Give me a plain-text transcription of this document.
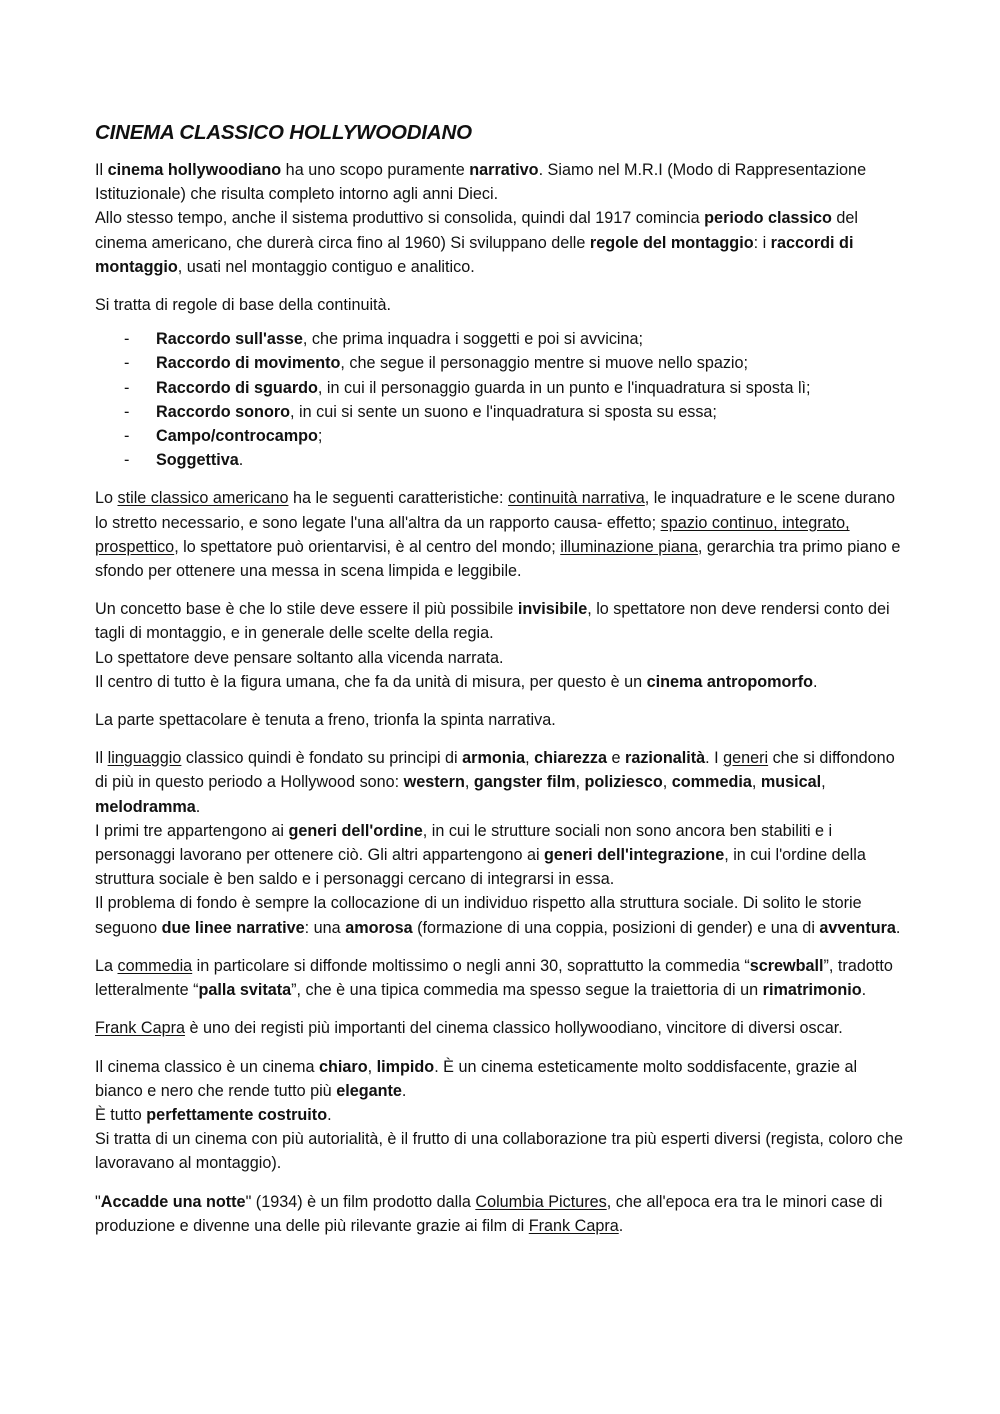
CINEMA CLASSICO HOLLYWOODIANO

Il cinema hollywoodiano ha uno scopo puramente narrativo. Siamo nel M.R.I (Modo di Rappresentazione Istituzionale) che risulta completo intorno agli anni Dieci.
Allo stesso tempo, anche il sistema produttivo si consolida, quindi dal 1917 comincia periodo classico del cinema americano, che durerà circa fino al 1960) Si sviluppano delle regole del montaggio: i raccordi di montaggio, usati nel montaggio contiguo e analitico.

Si tratta di regole di base della continuità.

- Raccordo sull'asse, che prima inquadra i soggetti e poi si avvicina;
- Raccordo di movimento, che segue il personaggio mentre si muove nello spazio;
- Raccordo di sguardo, in cui il personaggio guarda in un punto e l'inquadratura si sposta lì;
- Raccordo sonoro, in cui si sente un suono e l'inquadratura si sposta su essa;
- Campo/controcampo;
- Soggettiva.

Lo stile classico americano ha le seguenti caratteristiche: continuità narrativa, le inquadrature e le scene durano lo stretto necessario, e sono legate l'una all'altra da un rapporto causa- effetto; spazio continuo, integrato, prospettico, lo spettatore può orientarvisi, è al centro del mondo; illuminazione piana, gerarchia tra primo piano e sfondo per ottenere una messa in scena limpida e leggibile.

Un concetto base è che lo stile deve essere il più possibile invisibile, lo spettatore non deve rendersi conto dei tagli di montaggio, e in generale delle scelte della regia.
Lo spettatore deve pensare soltanto alla vicenda narrata.
Il centro di tutto è la figura umana, che fa da unità di misura, per questo è un cinema antropomorfo.

La parte spettacolare è tenuta a freno, trionfa la spinta narrativa.

Il linguaggio classico quindi è fondato su principi di armonia, chiarezza e razionalità. I generi che si diffondono di più in questo periodo a Hollywood sono: western, gangster film, poliziesco, commedia, musical, melodramma.
I primi tre appartengono ai generi dell'ordine, in cui le strutture sociali non sono ancora ben stabiliti e i personaggi lavorano per ottenere ciò. Gli altri appartengono ai generi dell'integrazione, in cui l'ordine della struttura sociale è ben saldo e i personaggi cercano di integrarsi in essa.
Il problema di fondo è sempre la collocazione di un individuo rispetto alla struttura sociale. Di solito le storie seguono due linee narrative: una amorosa (formazione di una coppia, posizioni di gender) e una di avventura.

La commedia in particolare si diffonde moltissimo o negli anni 30, soprattutto la commedia “screwball”, tradotto letteralmente “palla svitata”, che è una tipica commedia ma spesso segue la traiettoria di un rimatrimonio.

Frank Capra è uno dei registi più importanti del cinema classico hollywoodiano, vincitore di diversi oscar.

Il cinema classico è un cinema chiaro, limpido. È un cinema esteticamente molto soddisfacente, grazie al bianco e nero che rende tutto più elegante.
È tutto perfettamente costruito.
Si tratta di un cinema con più autorialità, è il frutto di una collaborazione tra più esperti diversi (regista, coloro che lavoravano al montaggio).

"Accadde una notte" (1934) è un film prodotto dalla Columbia Pictures, che all'epoca era tra le minori case di produzione e divenne una delle più rilevante grazie ai film di Frank Capra.
